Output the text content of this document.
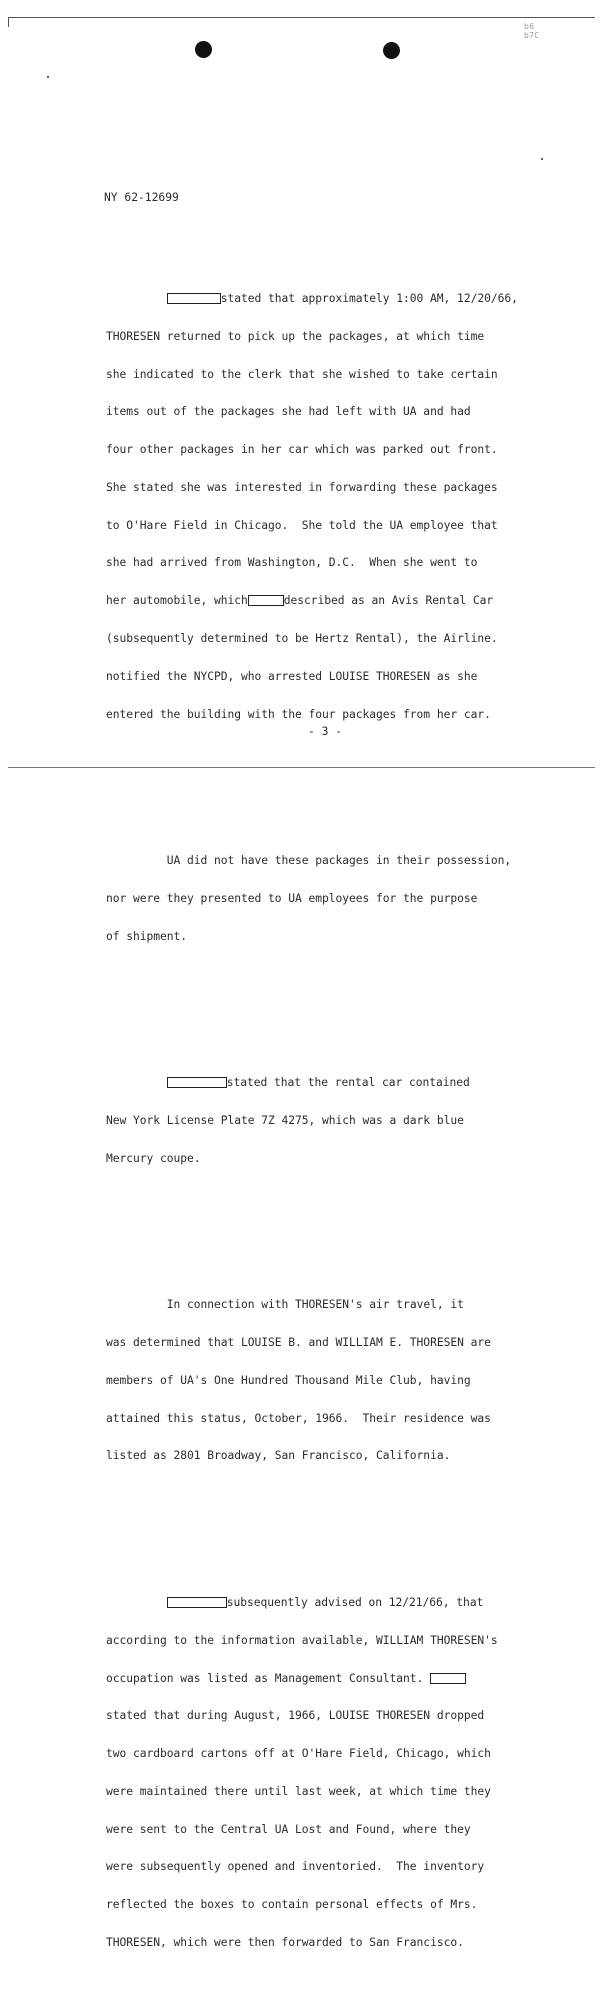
b6
b7C
NY 62-12699

stated that approximately 1:00 AM, 12/20/66,

THORESEN returned to pick up the packages, at which time

she indicated to the clerk that she wished to take certain

items out of the packages she had left with UA and had

four other packages in her car which was parked out front.

She stated she was interested in forwarding these packages

to O'Hare Field in Chicago.  She told the UA employee that

she had arrived from Washington, D.C.  When she went to

her automobile, which	described as an Avis Rental Car

(subsequently determined to be Hertz Rental), the Airline.

notified the NYCPD, who arrested LOUISE THORESEN as she

entered the building with the four packages from her car.

UA did not have these packages in their possession,

nor were they presented to UA employees for the purpose

of shipment.

stated that the rental car contained

New York License Plate 7Z 4275, which was a dark blue

Mercury coupe.

In connection with THORESEN's air travel, it

was determined that LOUISE B. and WILLIAM E. THORESEN are

members of UA's One Hundred Thousand Mile Club, having

attained this status, October, 1966.  Their residence was

listed as 2801 Broadway, San Francisco, California.

subsequently advised on 12/21/66, that

according to the information available, WILLIAM THORESEN's

occupation was listed as Management Consultant.

stated that during August, 1966, LOUISE THORESEN dropped

two cardboard cartons off at O'Hare Field, Chicago, which

were maintained there until last week, at which time they

were sent to the Central UA Lost and Found, where they

were subsequently opened and inventoried.  The inventory

reflected the boxes to contain personal effects of Mrs.

THORESEN, which were then forwarded to San Francisco.

- 3 -
